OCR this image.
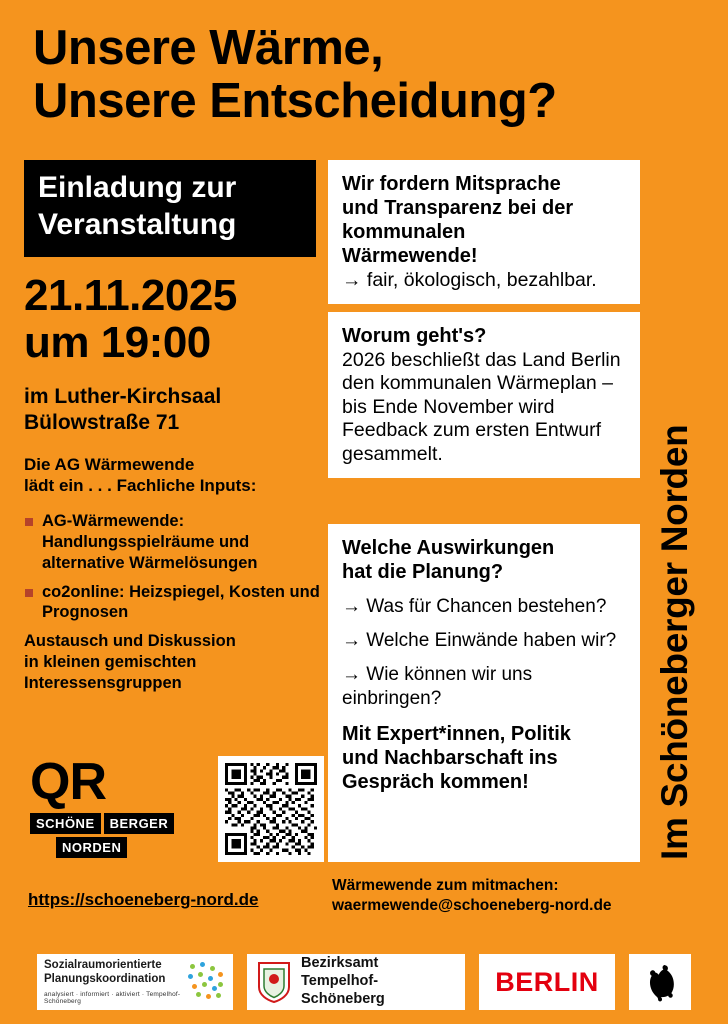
Unsere Wärme,
Unsere Entscheidung?
Im Schöneberger Norden
Einladung zur
Veranstaltung
21.11.2025
um 19:00
im Luther-Kirchsaal
Bülowstraße 71
Die AG Wärmewende
lädt ein . . . Fachliche Inputs:
AG-Wärmewende: Handlungsspielräume und alternative Wärmelösungen
co2online: Heizspiegel, Kosten und Prognosen
Austausch und Diskussion
in kleinen gemischten
Interessensgruppen
QR
SCHÖNE	BERGER
NORDEN
https://schoeneberg-nord.de
Wir fordern Mitsprache
und Transparenz bei der
kommunalen
Wärmewende!

→ fair, ökologisch, bezahlbar.

Worum geht's?

2026 beschließt das Land Berlin den kommunalen Wärmeplan – bis Ende November wird Feedback zum ersten Entwurf gesammelt.

Welche Auswirkungen
hat die Planung?
→ Was für Chancen bestehen?
→ Welche Einwände haben wir?
→ Wie können wir uns einbringen?
Mit Expert*innen, Politik
und Nachbarschaft ins
Gespräch kommen!
Wärmewende zum mitmachen:
waermewende@schoeneberg-nord.de
Sozialraumorientierte
Planungskoordination
analysiert · informiert · aktiviert · Tempelhof-Schöneberg
Bezirksamt
Tempelhof-Schöneberg
BERLIN
